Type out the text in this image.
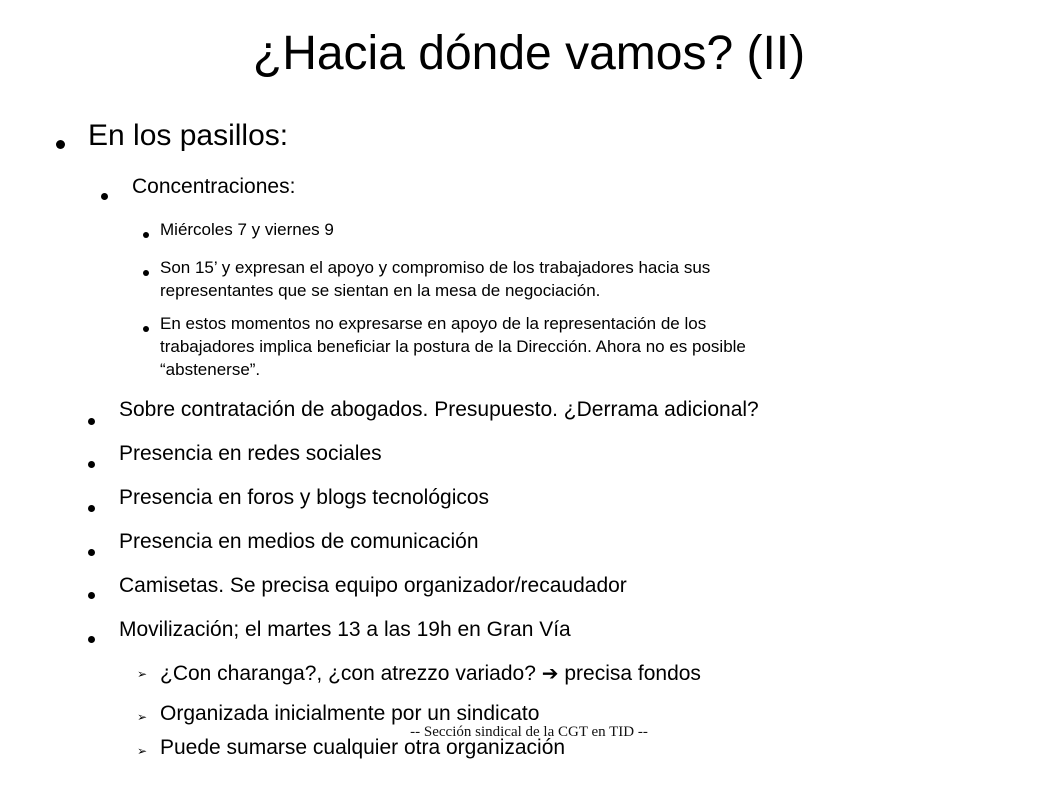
¿Hacia dónde vamos? (II)
En los pasillos:
Concentraciones:
Miércoles 7 y viernes 9
Son 15’ y expresan el apoyo y compromiso de los trabajadores hacia sus
representantes que se sientan en la mesa de negociación.
En estos momentos no expresarse en apoyo de la representación de los
trabajadores implica beneficiar la postura de la Dirección. Ahora no es posible
“abstenerse”.
Sobre contratación de abogados. Presupuesto. ¿Derrama adicional?
Presencia en redes sociales
Presencia en foros y blogs tecnológicos
Presencia en medios de comunicación
Camisetas. Se precisa equipo organizador/recaudador
Movilización; el martes 13 a las 19h en Gran Vía
➢ ¿Con charanga?, ¿con atrezzo variado? ➔ precisa fondos
➢ Organizada inicialmente por un sindicato
➢ Puede sumarse cualquier otra organización
-- Sección sindical de la CGT en TID --
